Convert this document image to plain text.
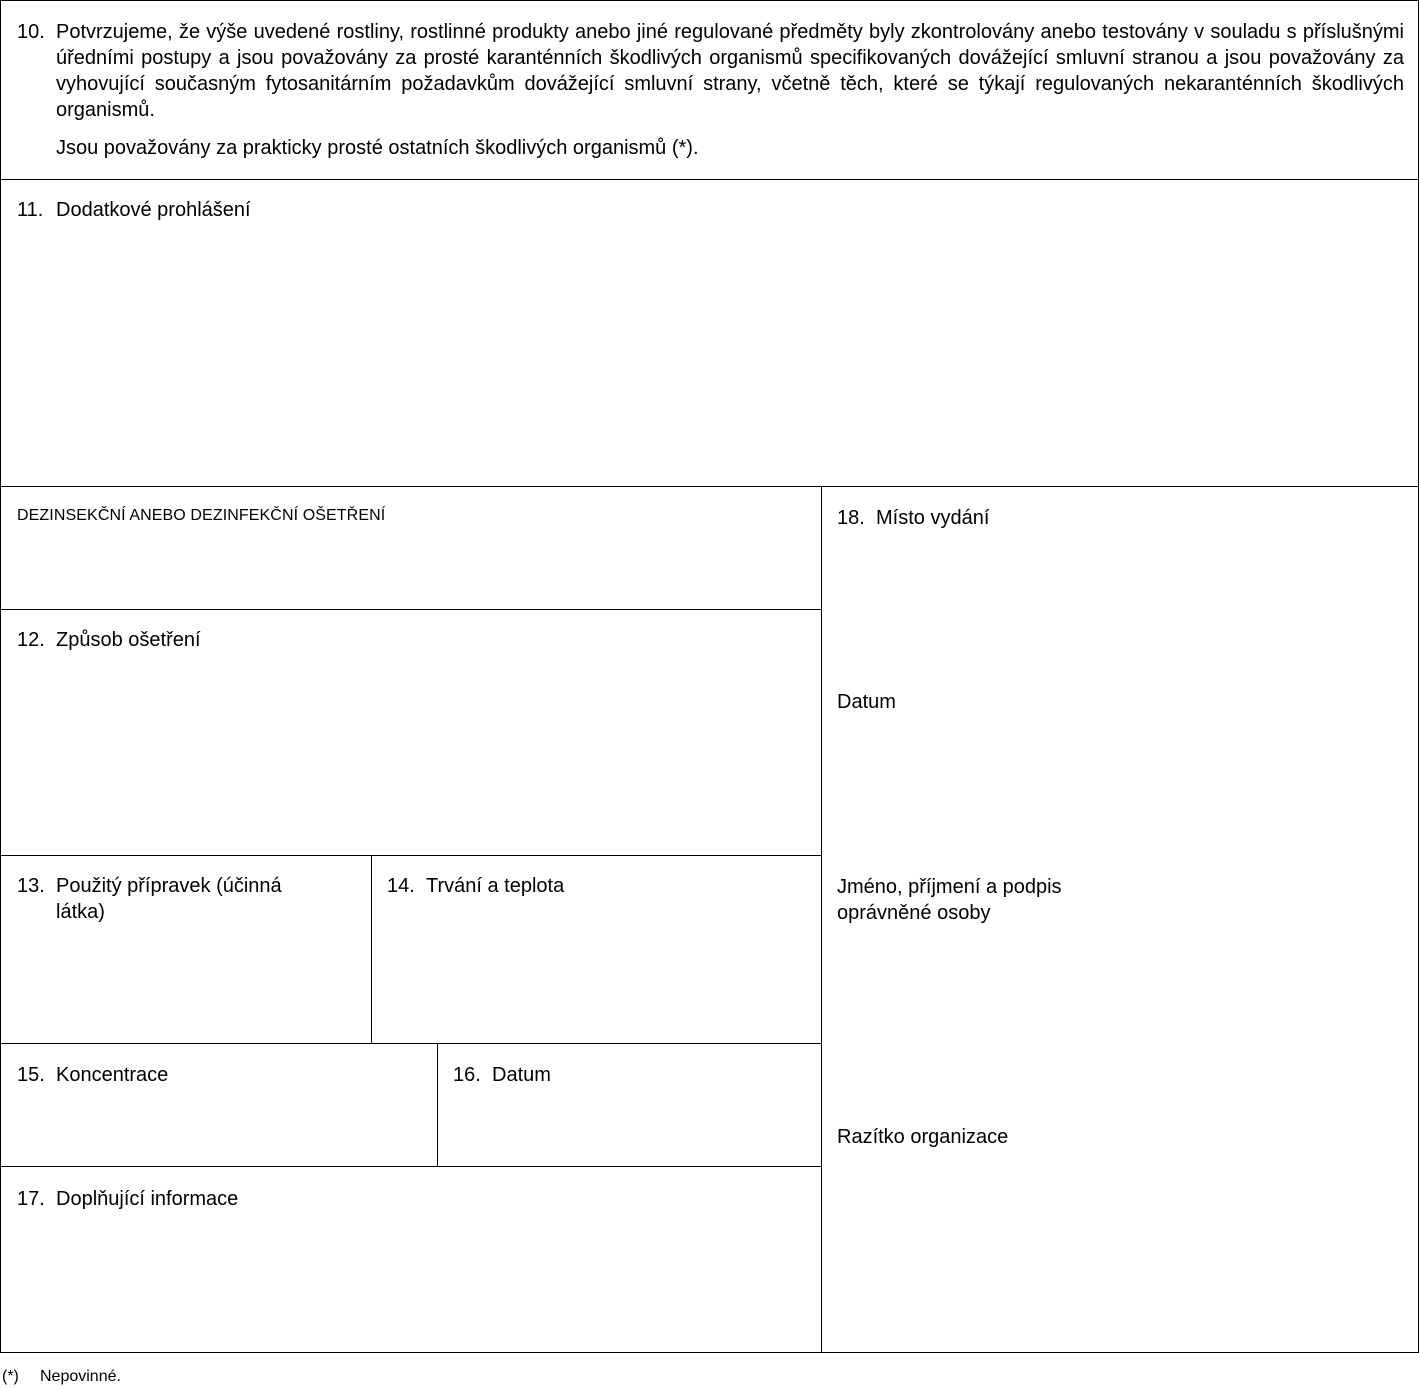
10. Potvrzujeme, že výše uvedené rostliny, rostlinné produkty anebo jiné regulované předměty byly zkontrolovány anebo testovány v souladu s příslušnými úředními postupy a jsou považovány za prosté karanténních škodlivých organismů specifikovaných dovážející smluvní stranou a jsou považovány za vyhovující současným fytosanitárním požadavkům dovážející smluvní strany, včetně těch, které se týkají regulovaných nekaranténních škodlivých organismů.
Jsou považovány za prakticky prosté ostatních škodlivých organismů (*).
11. Dodatkové prohlášení
DEZINSEKČNÍ ANEBO DEZINFEKČNÍ OŠETŘENÍ
12. Způsob ošetření
13. Použitý přípravek (účinná látka)
14. Trvání a teplota
15. Koncentrace	16. Datum
17. Doplňující informace
18. Místo vydání
Datum
Jméno, příjmení a podpis oprávněné osoby
Razítko organizace
(*) Nepovinné.
